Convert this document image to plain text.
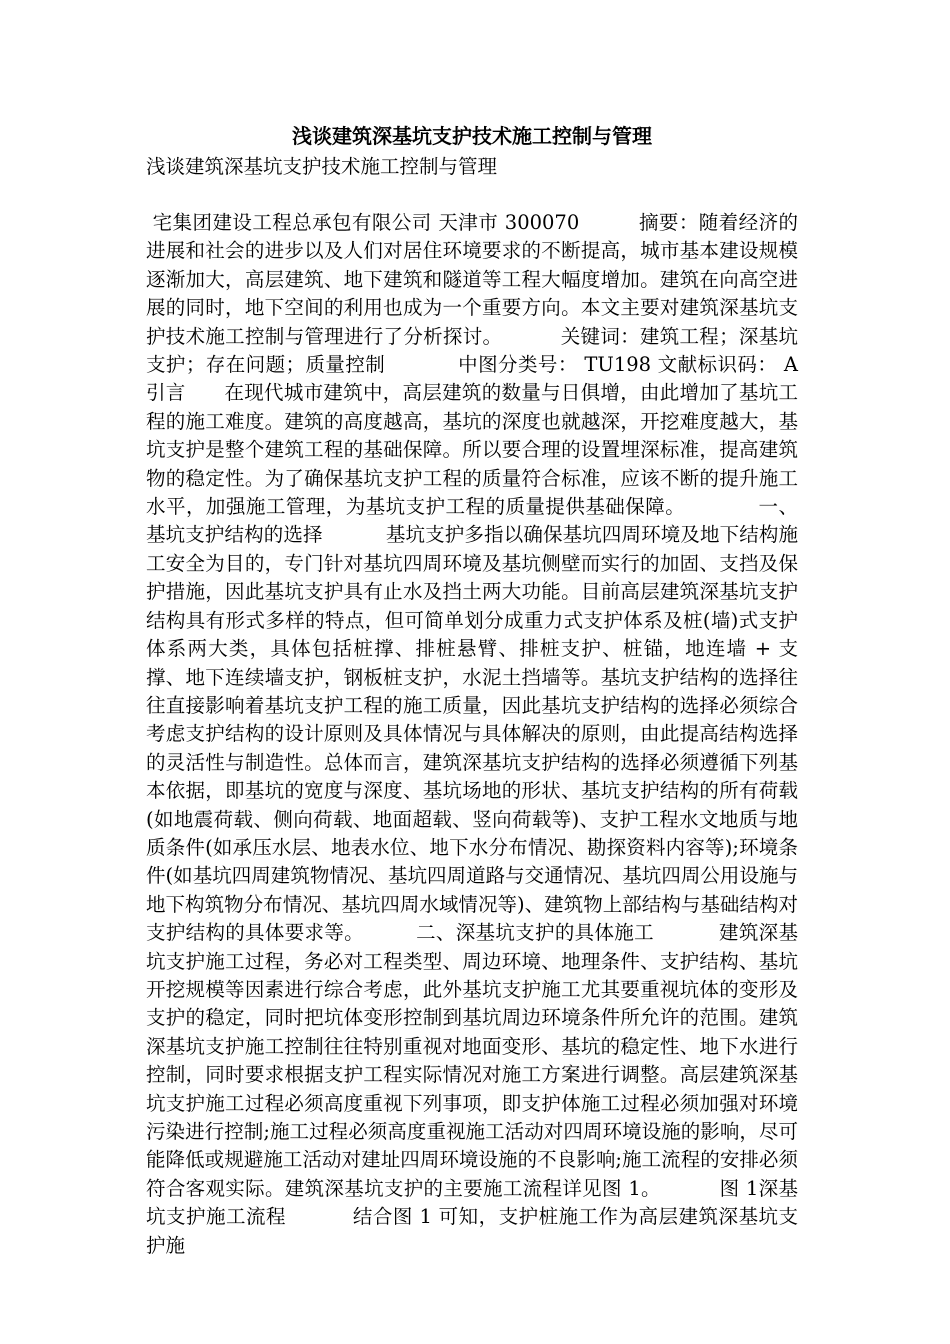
浅谈建筑深基坑支护技术施工控制与管理

浅谈建筑深基坑支护技术施工控制与管理

宅集团建设工程总承包有限公司 天津市 300070         摘要：随着经济的进展和社会的进步以及人们对居住环境要求的不断提高，城市基本建设规模逐渐加大，高层建筑、地下建筑和隧道等工程大幅度增加。建筑在向高空进展的同时，地下空间的利用也成为一个重要方向。本文主要对建筑深基坑支护技术施工控制与管理进行了分析探讨。         关键词：建筑工程；深基坑支护；存在问题；质量控制           中图分类号： TU198 文献标识码： A          引言      在现代城市建筑中，高层建筑的数量与日俱增，由此增加了基坑工程的施工难度。建筑的高度越高，基坑的深度也就越深，开挖难度越大，基坑支护是整个建筑工程的基础保障。所以要合理的设置埋深标准，提高建筑物的稳定性。为了确保基坑支护工程的质量符合标准，应该不断的提升施工水平，加强施工管理，为基坑支护工程的质量提供基础保障。           一、基坑支护结构的选择          基坑支护多指以确保基坑四周环境及地下结构施工安全为目的，专门针对基坑四周环境及基坑侧壁而实行的加固、支挡及保护措施，因此基坑支护具有止水及挡土两大功能。目前高层建筑深基坑支护结构具有形式多样的特点，但可简单划分成重力式支护体系及桩(墙)式支护体系两大类，具体包括桩撑、排桩悬臂、排桩支护、桩锚，地连墙 + 支撑、地下连续墙支护，钢板桩支护，水泥土挡墙等。基坑支护结构的选择往往直接影响着基坑支护工程的施工质量，因此基坑支护结构的选择必须综合考虑支护结构的设计原则及具体情况与具体解决的原则，由此提高结构选择的灵活性与制造性。总体而言，建筑深基坑支护结构的选择必须遵循下列基本依据，即基坑的宽度与深度、基坑场地的形状、基坑支护结构的所有荷载(如地震荷载、侧向荷载、地面超载、竖向荷载等)、支护工程水文地质与地质条件(如承压水层、地表水位、地下水分布情况、勘探资料内容等);环境条件(如基坑四周建筑物情况、基坑四周道路与交通情况、基坑四周公用设施与地下构筑物分布情况、基坑四周水域情况等)、建筑物上部结构与基础结构对支护结构的具体要求等。        二、深基坑支护的具体施工          建筑深基坑支护施工过程，务必对工程类型、周边环境、地理条件、支护结构、基坑开挖规模等因素进行综合考虑，此外基坑支护施工尤其要重视坑体的变形及支护的稳定，同时把坑体变形控制到基坑周边环境条件所允许的范围。建筑深基坑支护施工控制往往特别重视对地面变形、基坑的稳定性、地下水进行控制，同时要求根据支护工程实际情况对施工方案进行调整。高层建筑深基坑支护施工过程必须高度重视下列事项，即支护体施工过程必须加强对环境污染进行控制;施工过程必须高度重视施工活动对四周环境设施的影响，尽可能降低或规避施工活动对建址四周环境设施的不良影响;施工流程的安排必须符合客观实际。建筑深基坑支护的主要施工流程详见图 1。         图 1深基坑支护施工流程          结合图 1 可知，支护桩施工作为高层建筑深基坑支护施
